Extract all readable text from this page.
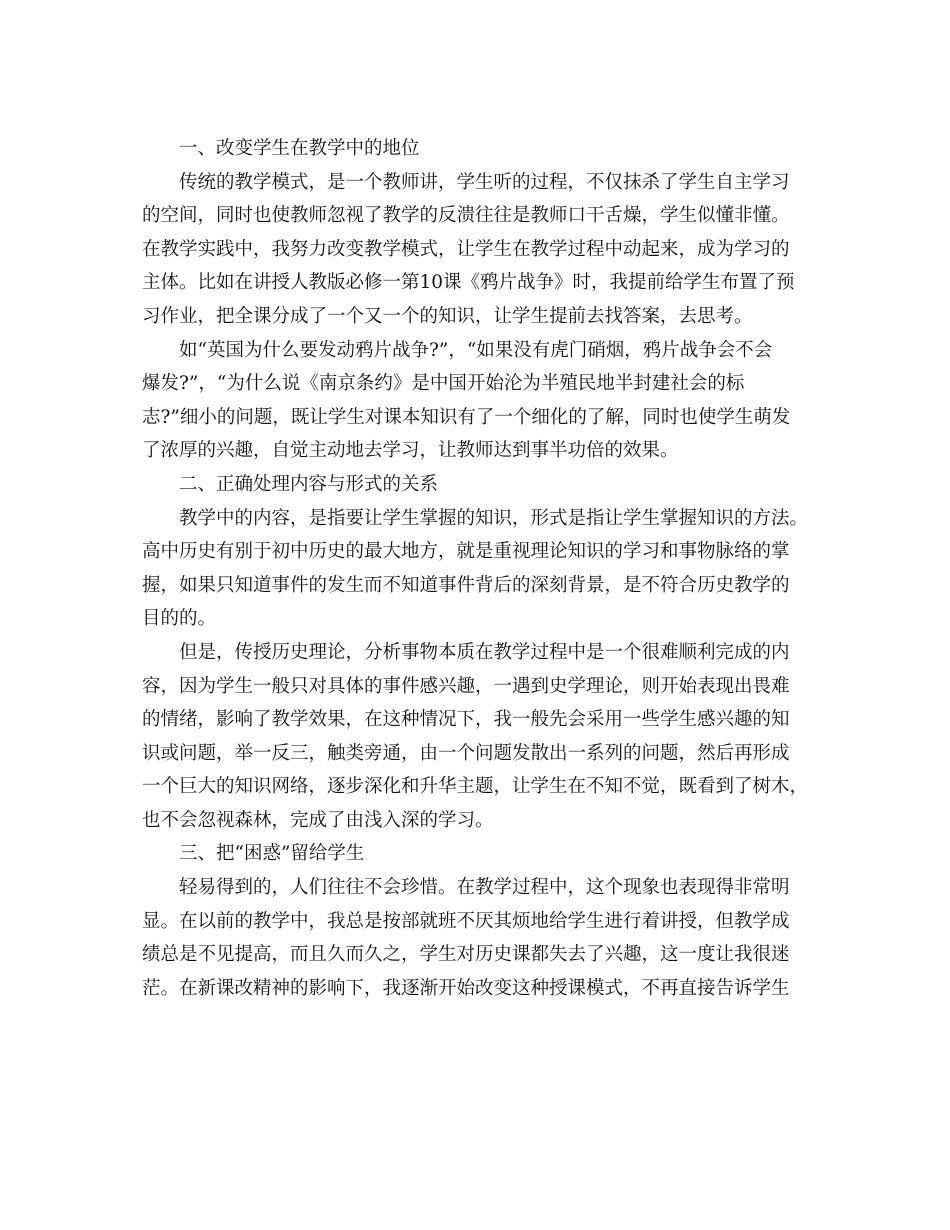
一、改变学生在教学中的地位
传统的教学模式，是一个教师讲，学生听的过程，不仅抹杀了学生自主学习
的空间，同时也使教师忽视了教学的反溃往往是教师口干舌燥，学生似懂非懂。
在教学实践中，我努力改变教学模式，让学生在教学过程中动起来，成为学习的
主体。比如在讲授人教版必修一第10课《鸦片战争》时，我提前给学生布置了预
习作业，把全课分成了一个又一个的知识，让学生提前去找答案，去思考。
如“英国为什么要发动鸦片战争?”，“如果没有虎门硝烟，鸦片战争会不会
爆发?”，“为什么说《南京条约》是中国开始沦为半殖民地半封建社会的标
志?”细小的问题，既让学生对课本知识有了一个细化的了解，同时也使学生萌发
了浓厚的兴趣，自觉主动地去学习，让教师达到事半功倍的效果。
二、正确处理内容与形式的关系
教学中的内容，是指要让学生掌握的知识，形式是指让学生掌握知识的方法。
高中历史有别于初中历史的最大地方，就是重视理论知识的学习和事物脉络的掌
握，如果只知道事件的发生而不知道事件背后的深刻背景，是不符合历史教学的
目的的。
但是，传授历史理论，分析事物本质在教学过程中是一个很难顺利完成的内
容，因为学生一般只对具体的事件感兴趣，一遇到史学理论，则开始表现出畏难
的情绪，影响了教学效果，在这种情况下，我一般先会采用一些学生感兴趣的知
识或问题，举一反三，触类旁通，由一个问题发散出一系列的问题，然后再形成
一个巨大的知识网络，逐步深化和升华主题，让学生在不知不觉，既看到了树木，
也不会忽视森林，完成了由浅入深的学习。
三、把“困惑”留给学生
轻易得到的，人们往往不会珍惜。在教学过程中，这个现象也表现得非常明
显。在以前的教学中，我总是按部就班不厌其烦地给学生进行着讲授，但教学成
绩总是不见提高，而且久而久之，学生对历史课都失去了兴趣，这一度让我很迷
茫。在新课改精神的影响下，我逐渐开始改变这种授课模式，不再直接告诉学生
